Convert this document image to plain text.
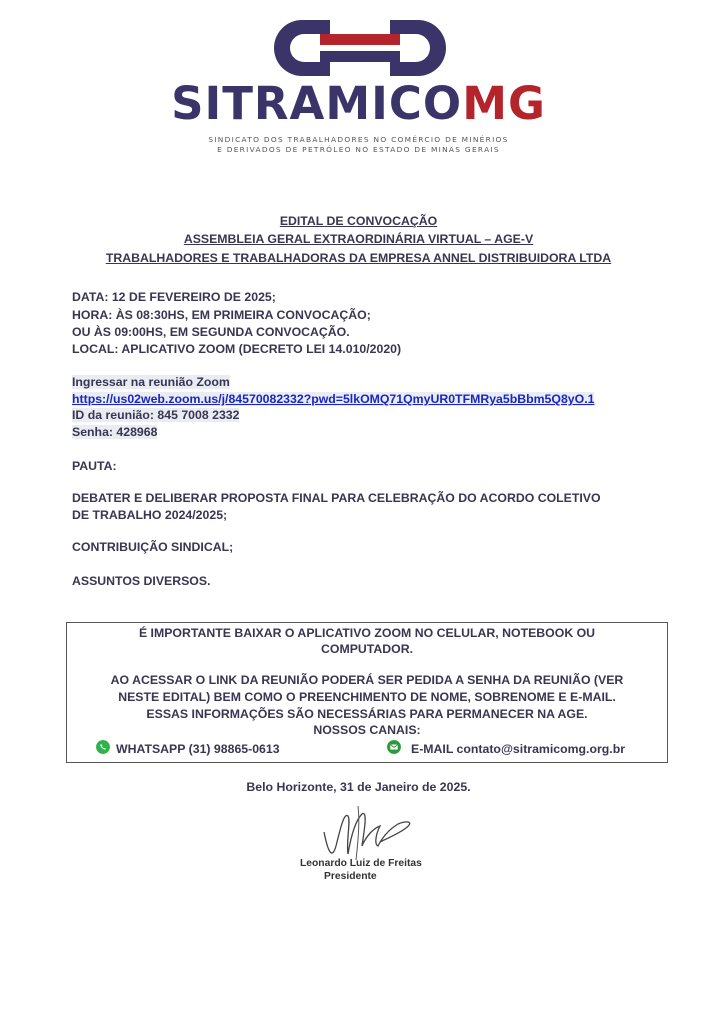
SITRAMICOMG
SINDICATO DOS TRABALHADORES NO COMÉRCIO DE MINÉRIOS
E DERIVADOS DE PETRÓLEO NO ESTADO DE MINAS GERAIS
EDITAL DE CONVOCAÇÃO
ASSEMBLEIA GERAL EXTRAORDINÁRIA VIRTUAL – AGE-V
TRABALHADORES E TRABALHADORAS DA EMPRESA ANNEL DISTRIBUIDORA LTDA
DATA: 12 DE FEVEREIRO DE 2025;
HORA: ÀS 08:30HS, EM PRIMEIRA CONVOCAÇÃO;
OU ÀS 09:00HS, EM SEGUNDA CONVOCAÇÃO.
LOCAL: APLICATIVO ZOOM (DECRETO LEI 14.010/2020)
Ingressar na reunião Zoom
https://us02web.zoom.us/j/84570082332?pwd=5lkOMQ71QmyUR0TFMRya5bBbm5Q8yO.1
ID da reunião: 845 7008 2332
Senha: 428968
PAUTA:
DEBATER E DELIBERAR PROPOSTA FINAL PARA CELEBRAÇÃO DO ACORDO COLETIVO
DE TRABALHO 2024/2025;
CONTRIBUIÇÃO SINDICAL;
ASSUNTOS DIVERSOS.
É IMPORTANTE BAIXAR O APLICATIVO ZOOM NO CELULAR, NOTEBOOK OU
COMPUTADOR.
AO ACESSAR O LINK DA REUNIÃO PODERÁ SER PEDIDA A SENHA DA REUNIÃO (VER
NESTE EDITAL) BEM COMO O PREENCHIMENTO DE NOME, SOBRENOME E E-MAIL.
ESSAS INFORMAÇÕES SÃO NECESSÁRIAS PARA PERMANECER NA AGE.
NOSSOS CANAIS:
WHATSAPP (31) 98865-0613	E-MAIL contato@sitramicomg.org.br
Belo Horizonte, 31 de Janeiro de 2025.
Leonardo Luiz de Freitas
Presidente
